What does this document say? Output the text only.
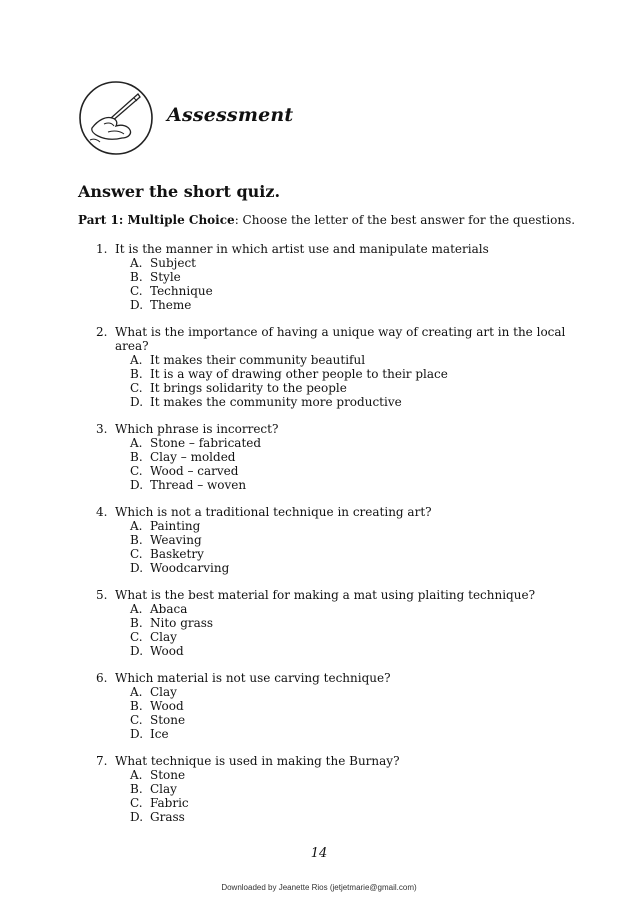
Assessment
Answer the short quiz.
Part 1: Multiple Choice: Choose the letter of the best answer for the questions.
1. It is the manner in which artist use and manipulate materials
A. Subject
B. Style
C. Technique
D. Theme
2. What is the importance of having a unique way of creating art in the local area?
A. It makes their community beautiful
B. It is a way of drawing other people to their place
C. It brings solidarity to the people
D. It makes the community more productive
3. Which phrase is incorrect?
A. Stone – fabricated
B. Clay – molded
C. Wood – carved
D. Thread – woven
4. Which is not a traditional technique in creating art?
A. Painting
B. Weaving
C. Basketry
D. Woodcarving
5. What is the best material for making a mat using plaiting technique?
A. Abaca
B. Nito grass
C. Clay
D. Wood
6. Which material is not use carving technique?
A. Clay
B. Wood
C. Stone
D. Ice
7. What technique is used in making the Burnay?
A. Stone
B. Clay
C. Fabric
D. Grass
14
Downloaded by Jeanette Rios (jetjetmarie@gmail.com)
